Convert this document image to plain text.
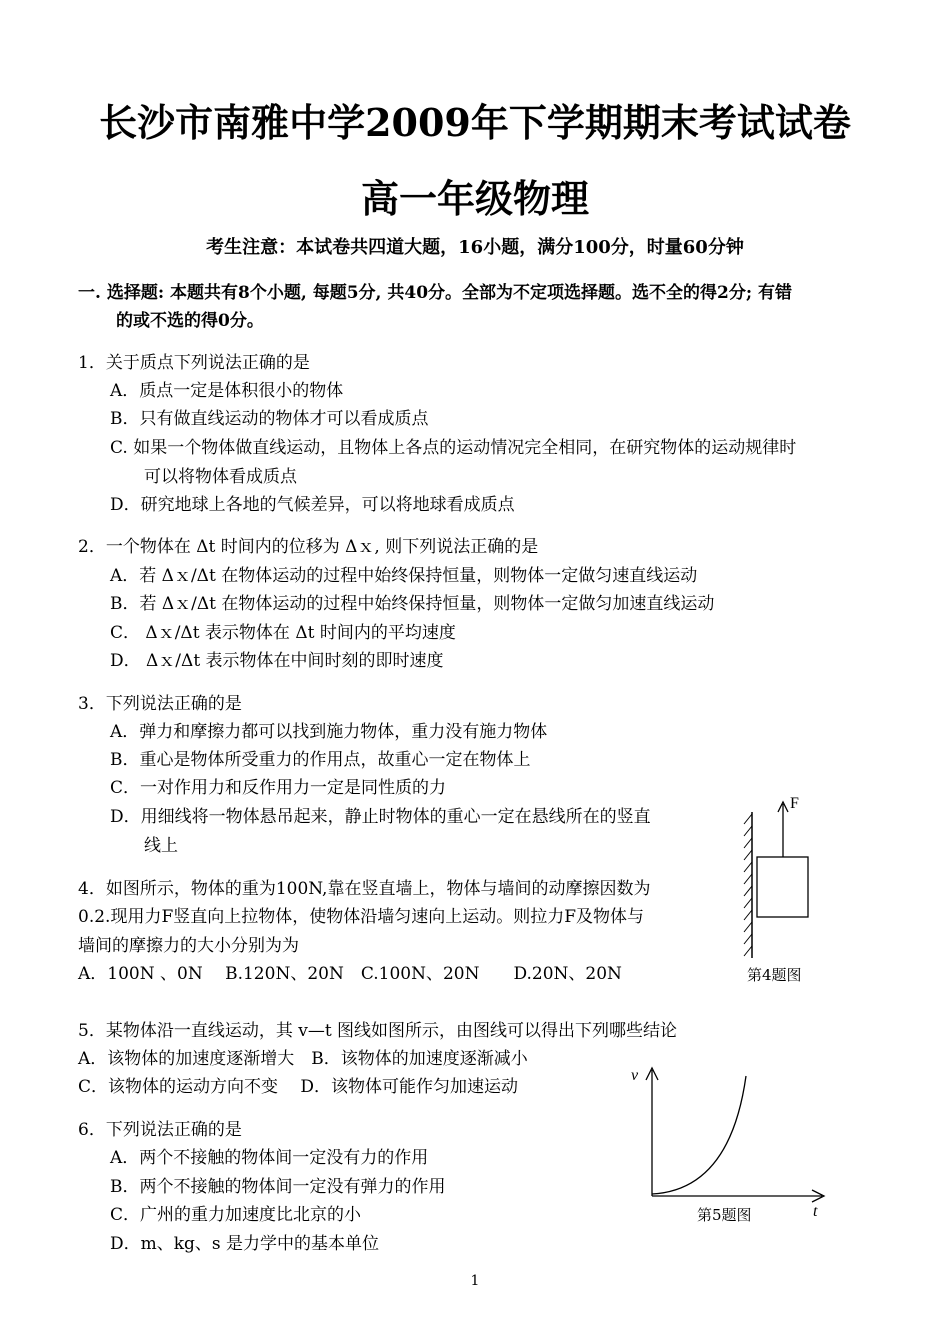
长沙市南雅中学2009年下学期期末考试试卷
高一年级物理
考生注意：本试卷共四道大题，16小题，满分100分，时量60分钟
一. 选择题: 本题共有8个小题, 每题5分, 共40分。全部为不定项选择题。选不全的得2分; 有错
的或不选的得0分。
1．关于质点下列说法正确的是
A．质点一定是体积很小的物体
B．只有做直线运动的物体才可以看成质点
C. 如果一个物体做直线运动，且物体上各点的运动情况完全相同，在研究物体的运动规律时
可以将物体看成质点
D．研究地球上各地的气候差异，可以将地球看成质点
2．一个物体在 Δt 时间内的位移为 Δｘ, 则下列说法正确的是
A．若 Δｘ/Δt 在物体运动的过程中始终保持恒量，则物体一定做匀速直线运动
B．若 Δｘ/Δt 在物体运动的过程中始终保持恒量，则物体一定做匀加速直线运动
C． Δｘ/Δt 表示物体在 Δt 时间内的平均速度
D． Δｘ/Δt 表示物体在中间时刻的即时速度
3．下列说法正确的是
A．弹力和摩擦力都可以找到施力物体，重力没有施力物体
B．重心是物体所受重力的作用点，故重心一定在物体上
C．一对作用力和反作用力一定是同性质的力
D．用细线将一物体悬吊起来，静止时物体的重心一定在悬线所在的竖直
线上
4．如图所示，物体的重为100N,靠在竖直墙上，物体与墙间的动摩擦因数为
0.2.现用力F竖直向上拉物体，使物体沿墙匀速向上运动。则拉力F及物体与
墙间的摩擦力的大小分别为为
A．100N 、0N　 B.120N、20N　C.100N、20N　　D.20N、20N
F
第4题图
5．某物体沿一直线运动，其 v—t 图线如图所示，由图线可以得出下列哪些结论
A．该物体的加速度逐渐增大　B．该物体的加速度逐渐减小
C．该物体的运动方向不变　 D．该物体可能作匀加速运动
v
t
第5题图
6．下列说法正确的是
A．两个不接触的物体间一定没有力的作用
B．两个不接触的物体间一定没有弹力的作用
C．广州的重力加速度比北京的小
D．m、kg、s 是力学中的基本单位
1
